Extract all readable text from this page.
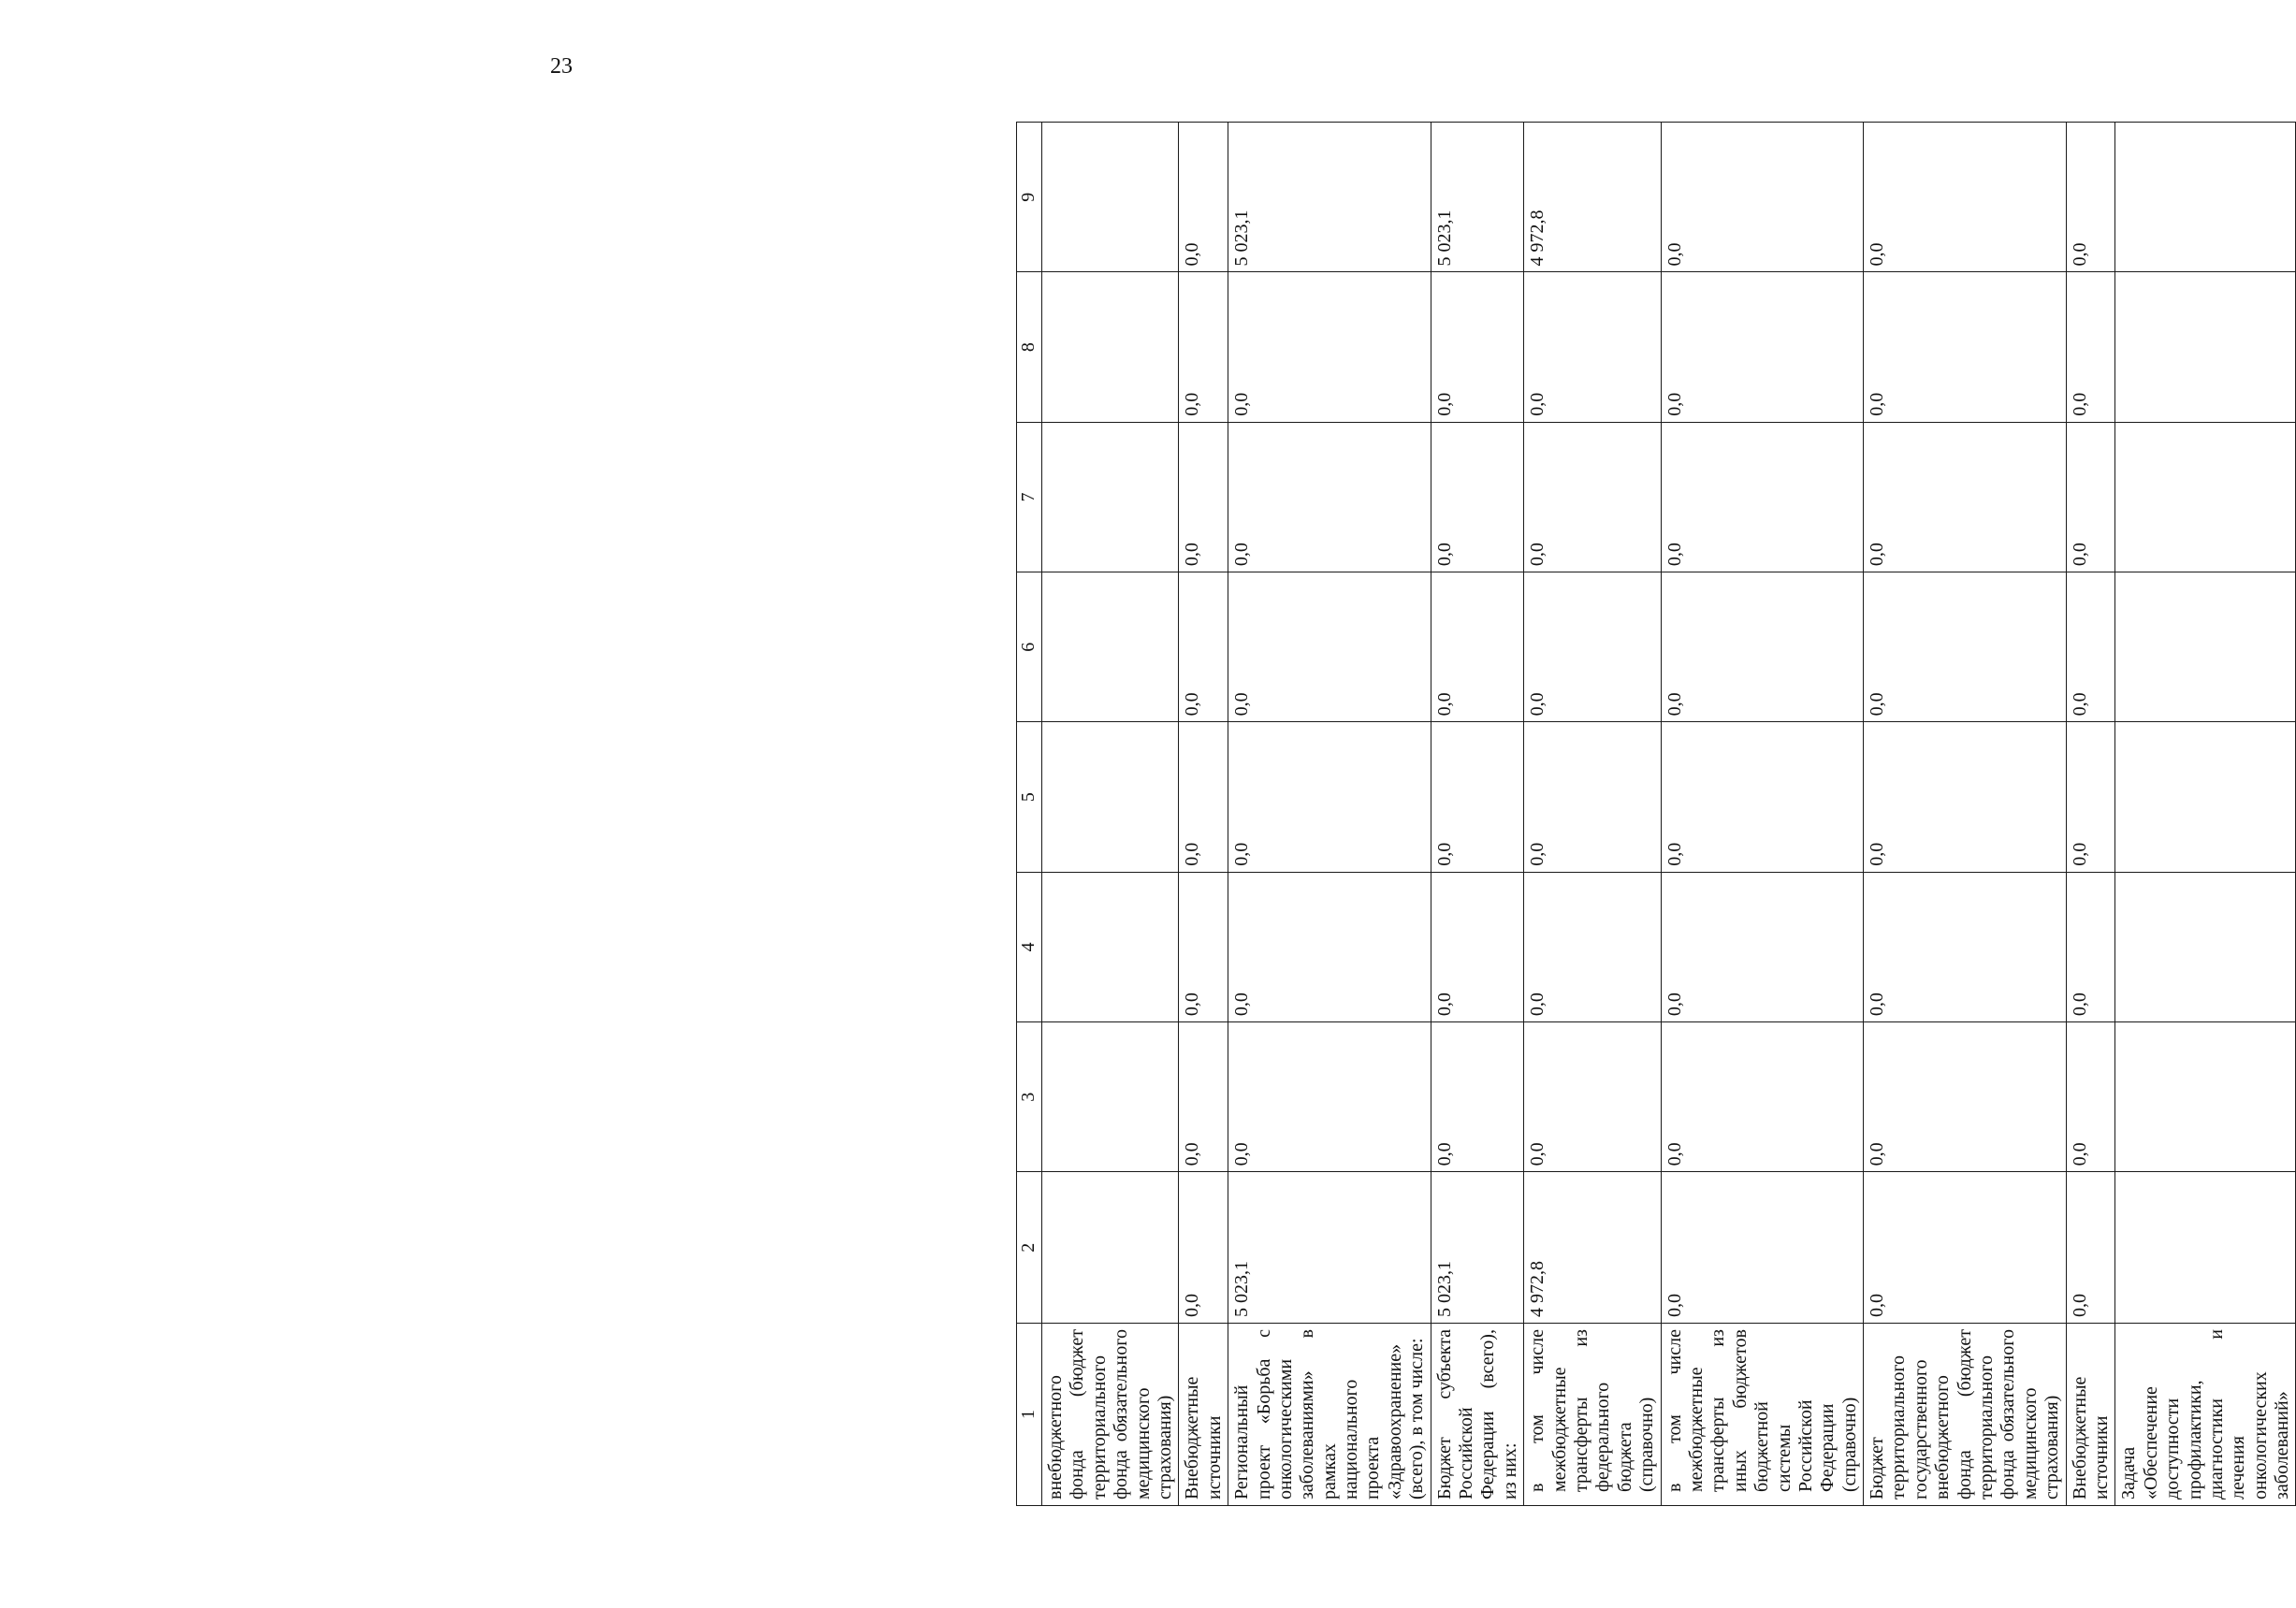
23
1	2	3	4	5	6	7	8	9
внебюджетного фонда (бюджет территориального фонда обязательного медицинского страхования)								
Внебюджетные источники	0,0	0,0	0,0	0,0	0,0	0,0	0,0	0,0
Региональный проект «Борьба с онкологическими заболеваниями» в рамках национального проекта «Здравоохранение» (всего), в том числе:	5 023,1	0,0	0,0	0,0	0,0	0,0	0,0	5 023,1
Бюджет субъекта Российской Федерации (всего), из них:	5 023,1	0,0	0,0	0,0	0,0	0,0	0,0	5 023,1
в том числе межбюджетные трансферты из федерального бюджета (справочно)	4 972,8	0,0	0,0	0,0	0,0	0,0	0,0	4 972,8
в том числе межбюджетные трансферты из иных бюджетов бюджетной системы Российской Федерации (справочно)	0,0	0,0	0,0	0,0	0,0	0,0	0,0	0,0
Бюджет территориального государственного внебюджетного фонда (бюджет территориального фонда обязательного медицинского страхования)	0,0	0,0	0,0	0,0	0,0	0,0	0,0	0,0
Внебюджетные источники	0,0	0,0	0,0	0,0	0,0	0,0	0,0	0,0
Задача «Обеспечение доступности профилактики, диагностики и лечения онкологических заболеваний»								
